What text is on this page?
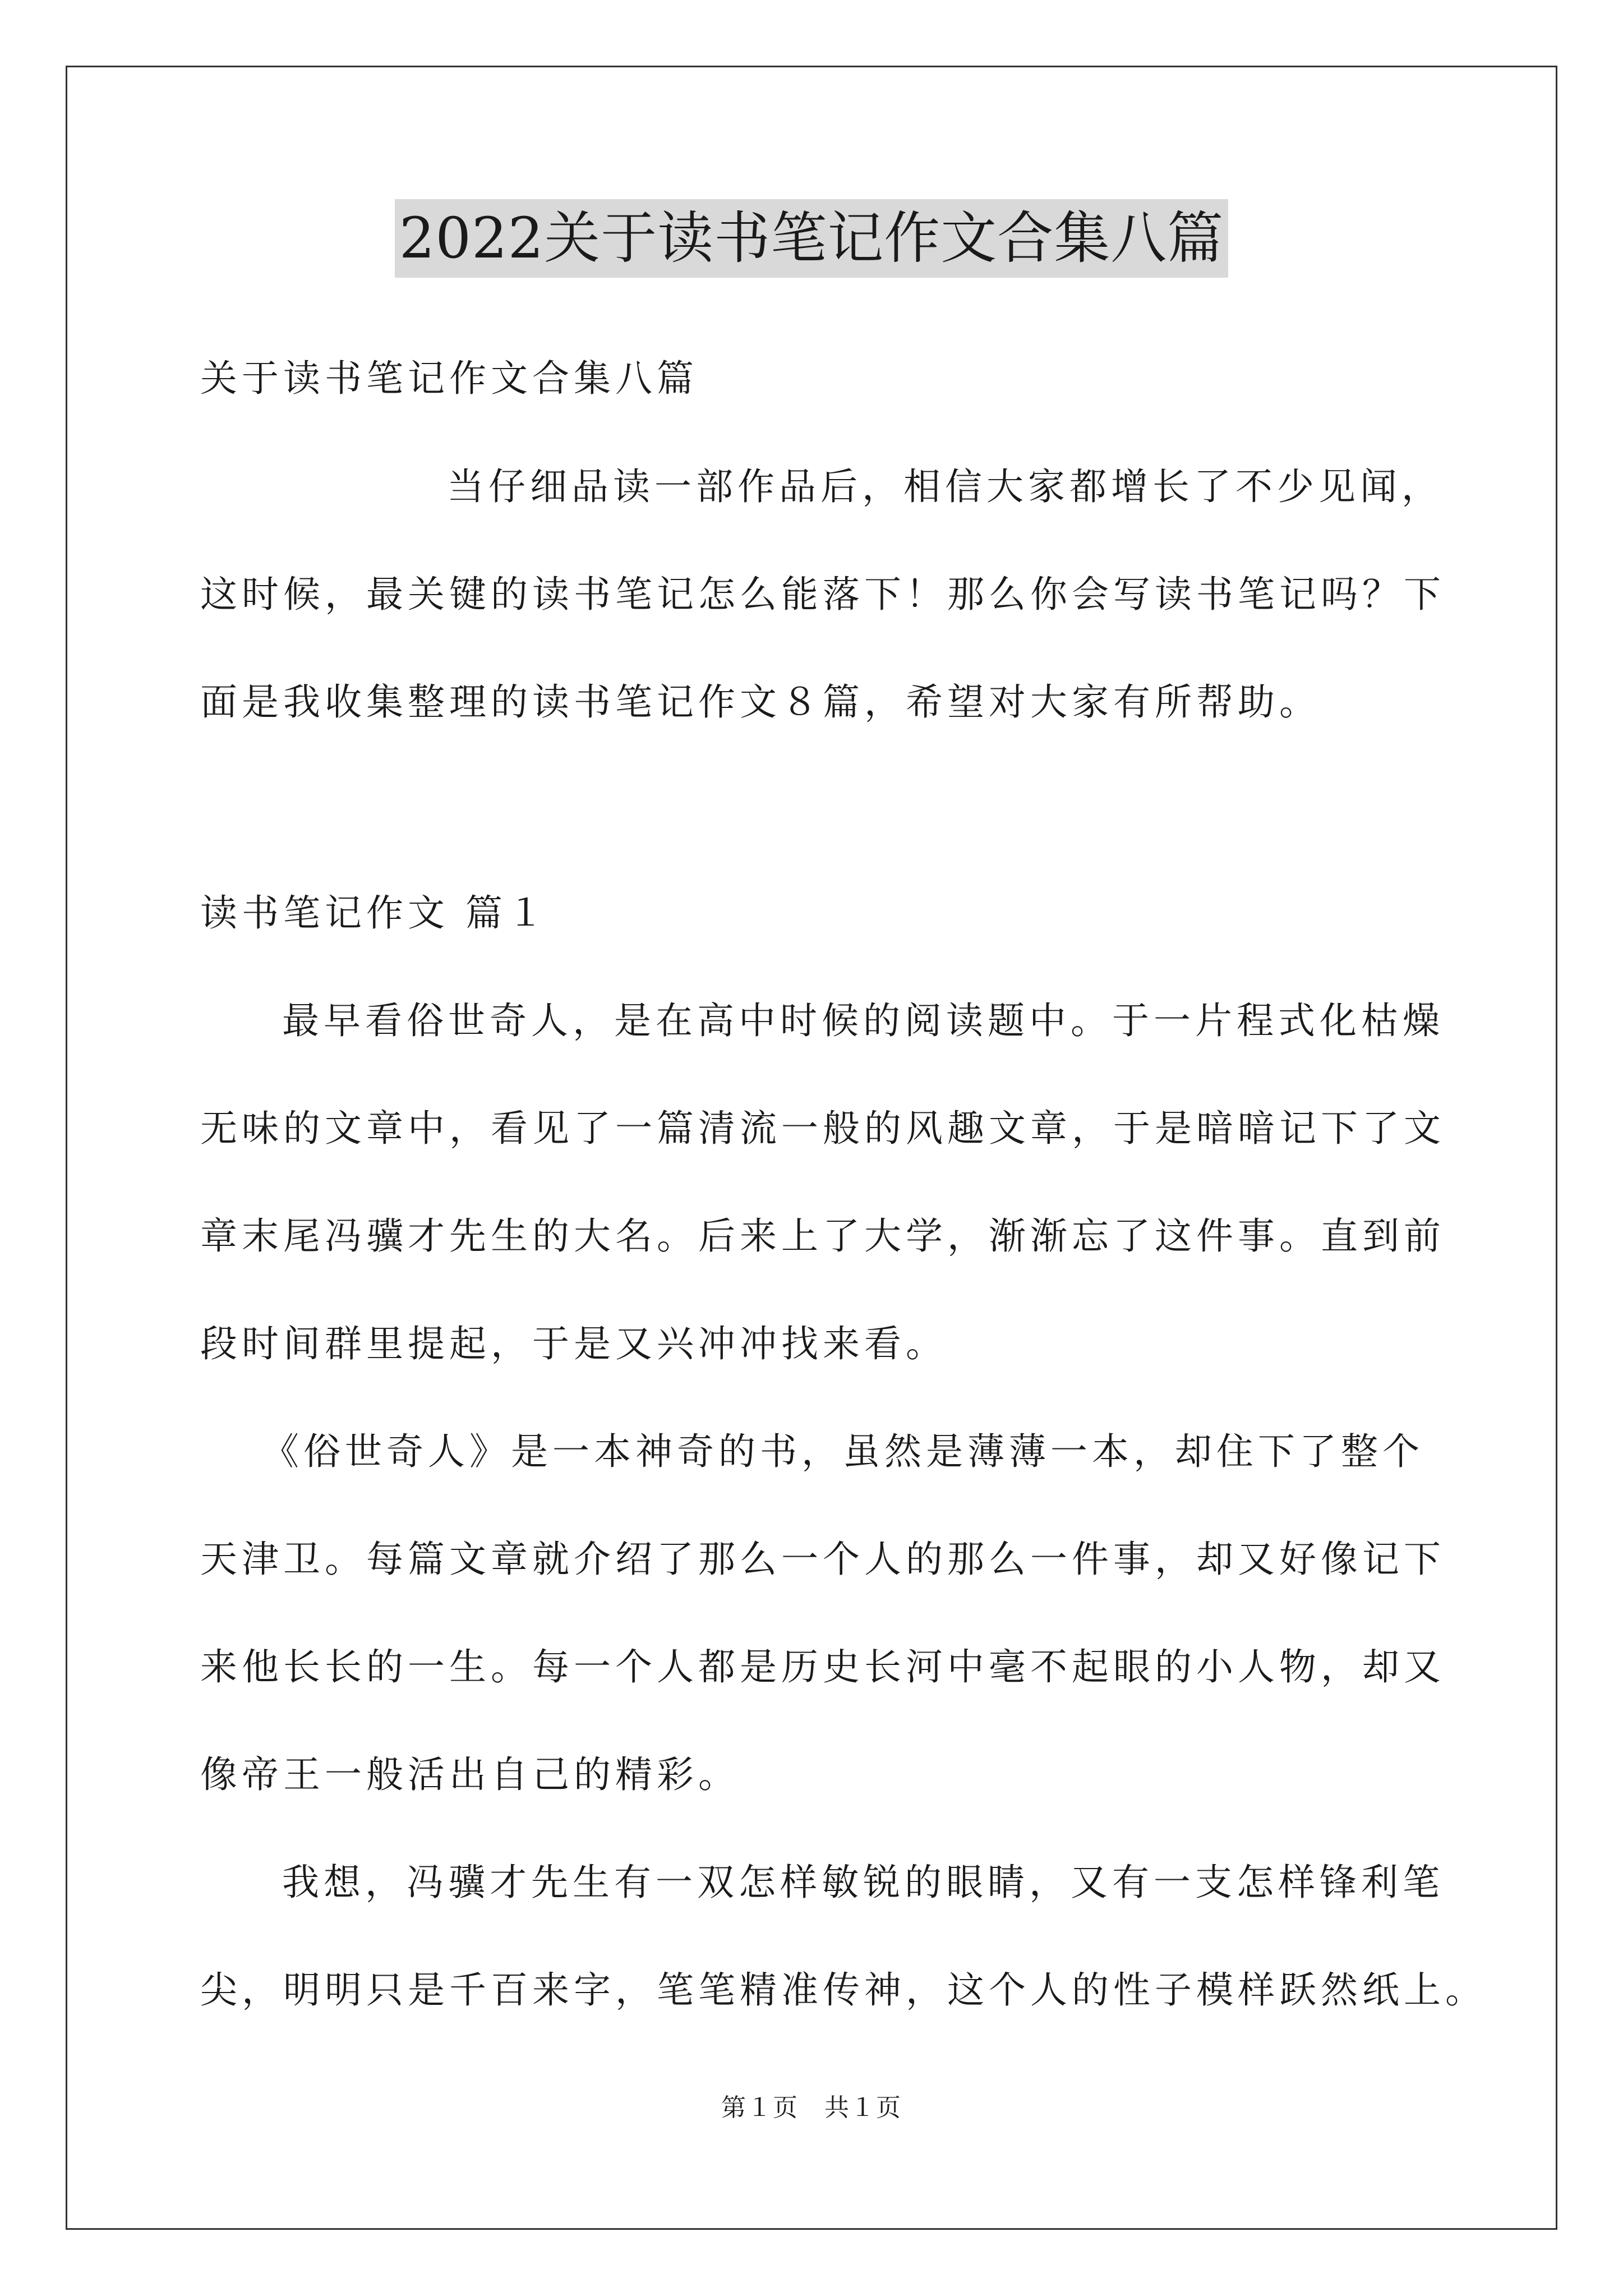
2022关于读书笔记作文合集八篇
关于读书笔记作文合集八篇
当仔细品读一部作品后，相信大家都增长了不少见闻，
这时候，最关键的读书笔记怎么能落下！那么你会写读书笔记吗？下
面是我收集整理的读书笔记作文８篇，希望对大家有所帮助。
读书笔记作文 篇１
最早看俗世奇人，是在高中时候的阅读题中。于一片程式化枯燥
无味的文章中，看见了一篇清流一般的风趣文章，于是暗暗记下了文
章末尾冯骥才先生的大名。后来上了大学，渐渐忘了这件事。直到前
段时间群里提起，于是又兴冲冲找来看。
《俗世奇人》是一本神奇的书，虽然是薄薄一本，却住下了整个
天津卫。每篇文章就介绍了那么一个人的那么一件事，却又好像记下
来他长长的一生。每一个人都是历史长河中毫不起眼的小人物，却又
像帝王一般活出自己的精彩。
我想，冯骥才先生有一双怎样敏锐的眼睛，又有一支怎样锋利笔
尖，明明只是千百来字，笔笔精准传神，这个人的性子模样跃然纸上。
第１页　共１页
